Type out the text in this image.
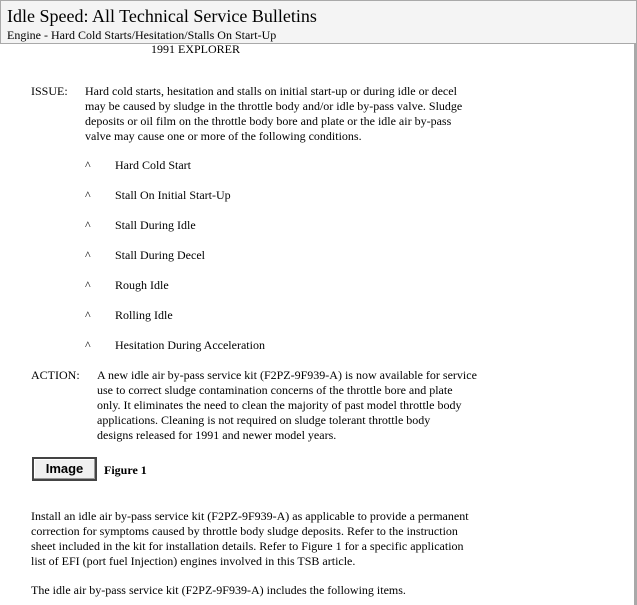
Idle Speed: All Technical Service Bulletins
Engine - Hard Cold Starts/Hesitation/Stalls On Start-Up
1991 EXPLORER
ISSUE: Hard cold starts, hesitation and stalls on initial start-up or during idle or decel
may be caused by sludge in the throttle body and/or idle by-pass valve. Sludge
deposits or oil film on the throttle body bore and plate or the idle air by-pass
valve may cause one or more of the following conditions.
^ Hard Cold Start
^ Stall On Initial Start-Up
^ Stall During Idle
^ Stall During Decel
^ Rough Idle
^ Rolling Idle
^ Hesitation During Acceleration
ACTION: A new idle air by-pass service kit (F2PZ-9F939-A) is now available for service
use to correct sludge contamination concerns of the throttle bore and plate
only. It eliminates the need to clean the majority of past model throttle body
applications. Cleaning is not required on sludge tolerant throttle body
designs released for 1991 and newer model years.
Image	Figure 1
Install an idle air by-pass service kit (F2PZ-9F939-A) as applicable to provide a permanent
correction for symptoms caused by throttle body sludge deposits. Refer to the instruction
sheet included in the kit for installation details. Refer to Figure 1 for a specific application
list of EFI (port fuel Injection) engines involved in this TSB article.
The idle air by-pass service kit (F2PZ-9F939-A) includes the following items.
